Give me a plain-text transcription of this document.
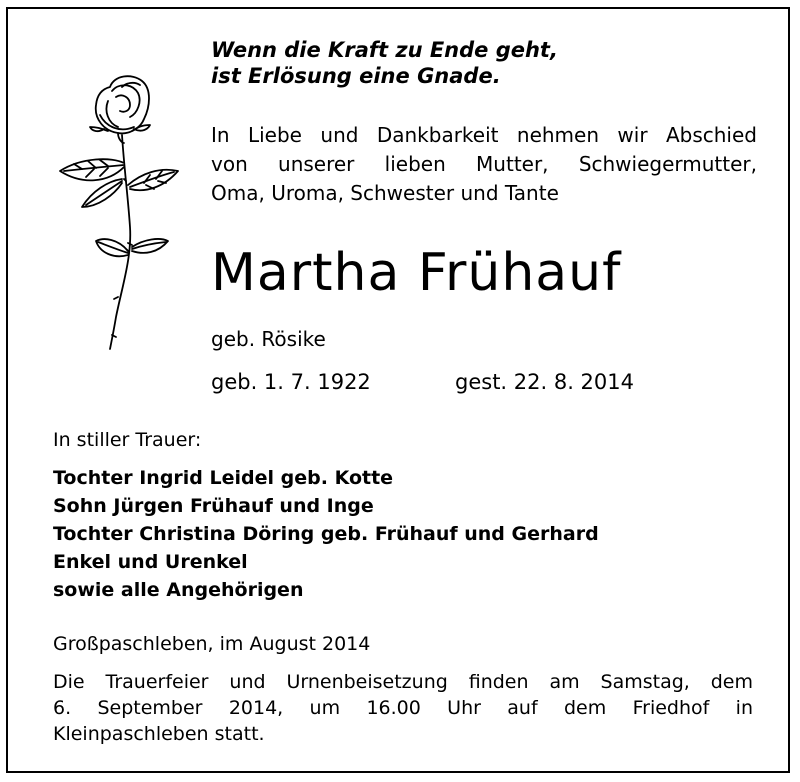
Wenn die Kraft zu Ende geht,
ist Erlösung eine Gnade.
In Liebe und Dankbarkeit nehmen wir Abschied
von unserer lieben Mutter, Schwiegermutter,
Oma, Uroma, Schwester und Tante
Martha Frühauf
geb. Rösike
geb. 1. 7. 1922	gest. 22. 8. 2014
In stiller Trauer:
Tochter Ingrid Leidel geb. Kotte
Sohn Jürgen Frühauf und Inge
Tochter Christina Döring geb. Frühauf und Gerhard
Enkel und Urenkel
sowie alle Angehörigen
Großpaschleben, im August 2014
Die Trauerfeier und Urnenbeisetzung finden am Samstag, dem
6. September 2014, um 16.00 Uhr auf dem Friedhof in
Kleinpaschleben statt.
